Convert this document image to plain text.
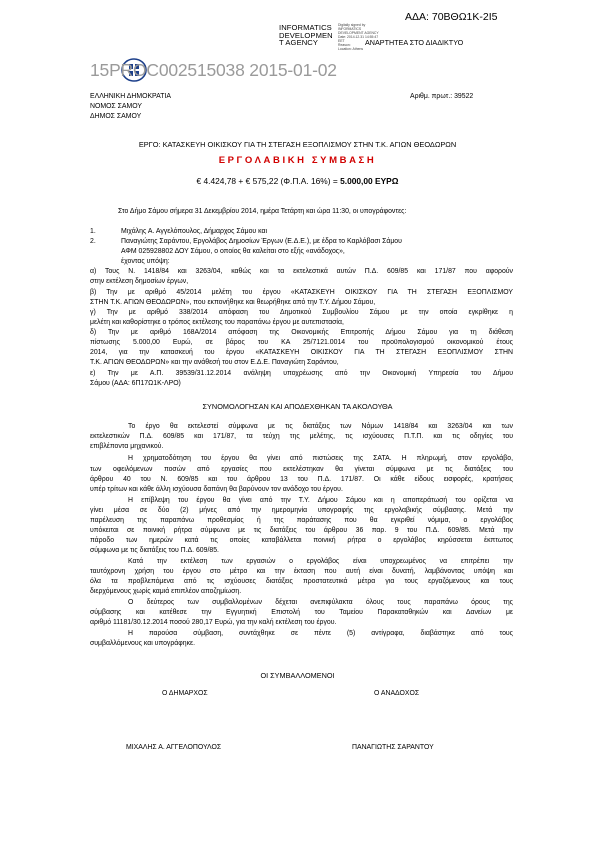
ΑΔΑ: 70ΒΘΩ1Κ-2Ι5
INFORMATICS
DEVELOPMEN
T AGENCY
Digitally signed by
INFORMATICS
DEVELOPMENT AGENCY
Date: 2014.12.31 14:55:47
EET
Reason:
Location: Athens
ΑΝΑΡΤΗΤΕΑ ΣΤΟ ΔΙΑΔΙΚΤΥΟ
15PROC002515038 2015-01-02
ΕΛΛΗΝΙΚΗ ΔΗΜΟΚΡΑΤΙΑ
ΝΟΜΟΣ ΣΑΜΟΥ
ΔΗΜΟΣ ΣΑΜΟΥ
Αριθμ. πρωτ.: 39522
ΕΡΓΟ: ΚΑΤΑΣΚΕΥΗ ΟΙΚΙΣΚΟΥ ΓΙΑ ΤΗ ΣΤΕΓΑΣΗ ΕΞΟΠΛΙΣΜΟΥ ΣΤΗΝ Τ.Κ. ΑΓΙΩΝ ΘΕΟΔΩΡΩΝ
ΕΡΓΟΛΑΒΙΚΗ ΣΥΜΒΑΣΗ
€ 4.424,78 + € 575,22 (Φ.Π.Α. 16%) = 5.000,00 ΕΥΡΩ
Στο Δήμο Σάμου σήμερα 31 Δεκεμβρίου 2014, ημέρα Τετάρτη και ώρα 11:30, οι υπογράφοντες:
1.	Μιχάλης Α. Αγγελόπουλος, Δήμαρχος Σάμου και
2.	Παναγιώτης Σαράντου, Εργολάβος Δημοσίων Έργων (Ε.Δ.Ε.), με έδρα το Καρλόβασι Σάμου
ΑΦΜ 025928802 ΔΟΥ Σάμου, ο οποίος θα καλείται στο εξής «ανάδοχος»,
έχοντας υπόψη:
α) Τους Ν. 1418/84 και 3263/04, καθώς και τα εκτελεστικά αυτών Π.Δ. 609/85 και 171/87 που αφορούν
στην εκτέλεση δημοσίων έργων,
β) Την με αριθμό 45/2014 μελέτη του έργου «ΚΑΤΑΣΚΕΥΗ ΟΙΚΙΣΚΟΥ ΓΙΑ ΤΗ ΣΤΕΓΑΣΗ ΕΞΟΠΛΙΣΜΟΥ
ΣΤΗΝ Τ.Κ. ΑΓΙΩΝ ΘΕΟΔΩΡΩΝ», που εκπονήθηκε και θεωρήθηκε από την Τ.Υ. Δήμου Σάμου,
γ) Την με αριθμό 338/2014 απόφαση του Δημοτικού Συμβουλίου Σάμου με την οποία εγκρίθηκε η
μελέτη και καθορίστηκε ο τρόπος εκτέλεσης του παραπάνω έργου με αυτεπιστασία,
δ) Την με αριθμό 168Α/2014 απόφαση της Οικονομικής Επιτροπής Δήμου Σάμου για τη διάθεση
πίστωσης 5.000,00 Ευρώ, σε βάρος του ΚΑ 25/7121.0014 του προϋπολογισμού οικονομικού έτους
2014, για την κατασκευή του έργου «ΚΑΤΑΣΚΕΥΗ ΟΙΚΙΣΚΟΥ ΓΙΑ ΤΗ ΣΤΕΓΑΣΗ ΕΞΟΠΛΙΣΜΟΥ ΣΤΗΝ
Τ.Κ. ΑΓΙΩΝ ΘΕΟΔΩΡΩΝ» και την ανάθεσή του στον Ε.Δ.Ε. Παναγιώτη Σαράντου,
ε) Την με Α.Π. 39539/31.12.2014 ανάληψη υποχρέωσης από την Οικονομική Υπηρεσία του Δήμου
Σάμου (ΑΔΑ: 6Π17Ω1Κ-ΛΡΟ)
ΣΥΝΟΜΟΛΟΓΗΣΑΝ ΚΑΙ ΑΠΟΔΕΧΘΗΚΑΝ ΤΑ ΑΚΟΛΟΥΘΑ
Το έργο θα εκτελεστεί σύμφωνα με τις διατάξεις των Νόμων 1418/84 και 3263/04 και των
εκτελεστικών Π.Δ. 609/85 και 171/87, τα τεύχη της μελέτης, τις ισχύουσες Π.Τ.Π. και τις οδηγίες του
επιβλέποντα μηχανικού.
Η χρηματοδότηση του έργου θα γίνει από πιστώσεις της ΣΑΤΑ. Η πληρωμή, στον εργολάβο,
των οφειλόμενων ποσών από εργασίες που εκτελέστηκαν θα γίνεται σύμφωνα με τις διατάξεις του
άρθρου 40 του Ν. 609/85 και του άρθρου 13 του Π.Δ. 171/87. Οι κάθε είδους εισφορές, κρατήσεις
υπέρ τρίτων και κάθε άλλη ισχύουσα δαπάνη θα βαρύνουν τον ανάδοχο του έργου.
Η επίβλεψη του έργου θα γίνει από την Τ.Υ. Δήμου Σάμου και η αποπεράτωσή του ορίζεται να
γίνει μέσα σε δύο (2) μήνες από την ημερομηνία υπογραφής της εργολαβικής σύμβασης. Μετά την
παρέλευση της παραπάνω προθεσμίας ή της παράτασης που θα εγκριθεί νόμιμα, ο εργολάβος
υπόκειται σε ποινική ρήτρα σύμφωνα με τις διατάξεις του άρθρου 36 παρ. 9 του Π.Δ. 609/85. Μετά την
πάροδο των ημερών κατά τις οποίες καταβάλλεται ποινική ρήτρα ο εργολάβος κηρύσσεται έκπτωτος
σύμφωνα με τις διατάξεις του Π.Δ. 609/85.
Κατά την εκτέλεση των εργασιών ο εργολάβος είναι υποχρεωμένος να επιτρέπει την
ταυτόχρονη χρήση του έργου στο μέτρο και την έκταση που αυτή είναι δυνατή, λαμβάνοντας υπόψη και
όλα τα προβλεπόμενα από τις ισχύουσες διατάξεις προστατευτικά μέτρα για τους εργαζόμενους και τους
διερχόμενους χωρίς καμιά επιπλέον αποζημίωση.
Ο δεύτερος των συμβαλλομένων δέχεται ανεπιφύλακτα όλους τους παραπάνω όρους της
σύμβασης και κατέθεσε την Εγγυητική Επιστολή του Ταμείου Παρακαταθηκών και Δανείων με
αριθμό 11181/30.12.2014 ποσού 280,17 Ευρώ, για την καλή εκτέλεση του έργου.
Η παρούσα σύμβαση, συντάχθηκε σε πέντε (5) αντίγραφα, διαβάστηκε από τους
συμβαλλόμενους και υπογράφηκε.
ΟΙ ΣΥΜΒΑΛΛΟΜΕΝΟΙ
Ο ΔΗΜΑΡΧΟΣ	Ο ΑΝΑΔΟΧΟΣ
ΜΙΧΑΛΗΣ Α. ΑΓΓΕΛΟΠΟΥΛΟΣ	ΠΑΝΑΓΙΩΤΗΣ ΣΑΡΑΝΤΟΥ
